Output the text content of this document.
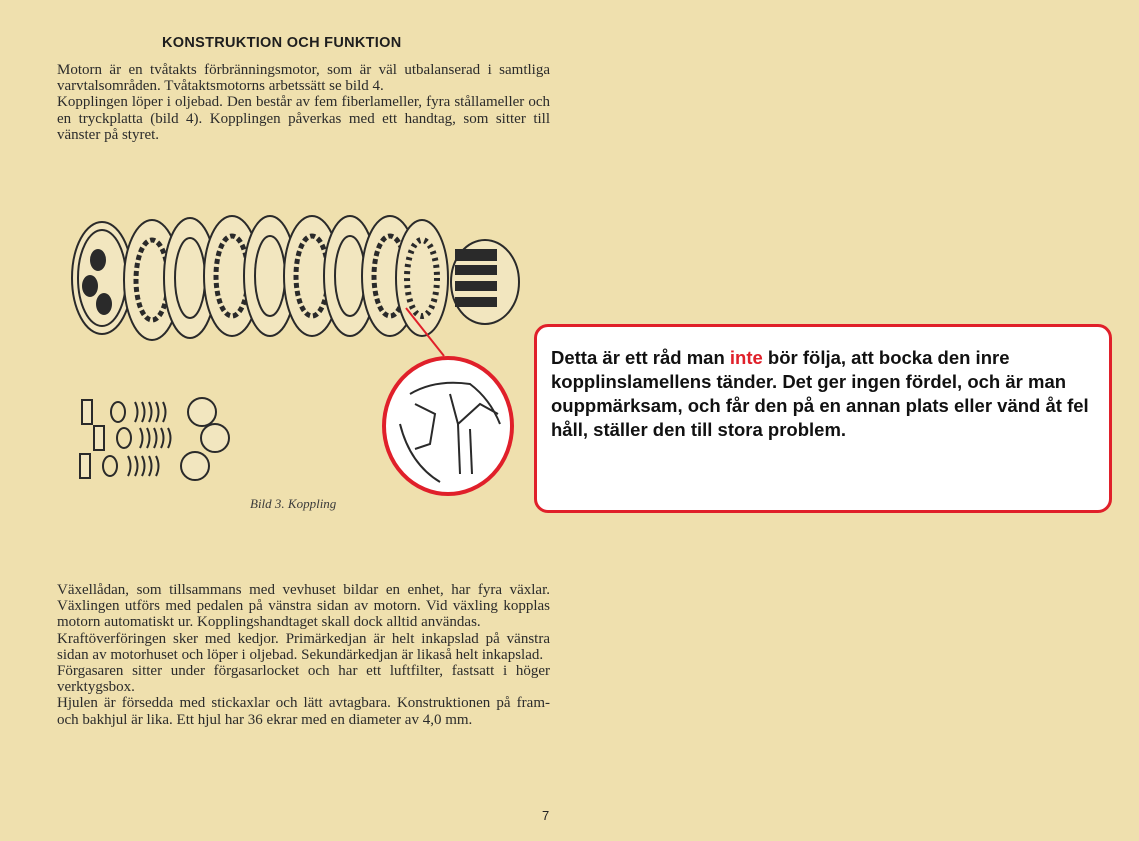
KONSTRUKTION OCH FUNKTION

Motorn är en tvåtakts förbränningsmotor, som är väl utbalanserad i samtliga varvtalsområden. Tvåtaktsmotorns arbetssätt se bild 4.

Kopplingen löper i oljebad. Den består av fem fiberlameller, fyra stållameller och en tryckplatta (bild 4). Kopplingen påverkas med ett handtag, som sitter till vänster på styret.

Bild 3. Koppling
Detta är ett råd man inte bör följa, att bocka den inre kopplinslamellens tänder. Det ger ingen fördel, och är man ouppmärksam, och får den på en annan plats eller vänd åt fel håll, ställer den till stora problem.

Växellådan, som tillsammans med vevhuset bildar en enhet, har fyra växlar. Växlingen utförs med pedalen på vänstra sidan av motorn. Vid växling kopplas motorn automatiskt ur. Kopplingshandtaget skall dock alltid användas.

Kraftöverföringen sker med kedjor. Primärkedjan är helt inkapslad på vänstra sidan av motorhuset och löper i oljebad. Sekundärkedjan är likaså helt inkapslad.

Förgasaren sitter under förgasarlocket och har ett luftfilter, fastsatt i höger verktygsbox.

Hjulen är försedda med stickaxlar och lätt avtagbara. Konstruktionen på fram- och bakhjul är lika. Ett hjul har 36 ekrar med en diameter av 4,0 mm.

7
